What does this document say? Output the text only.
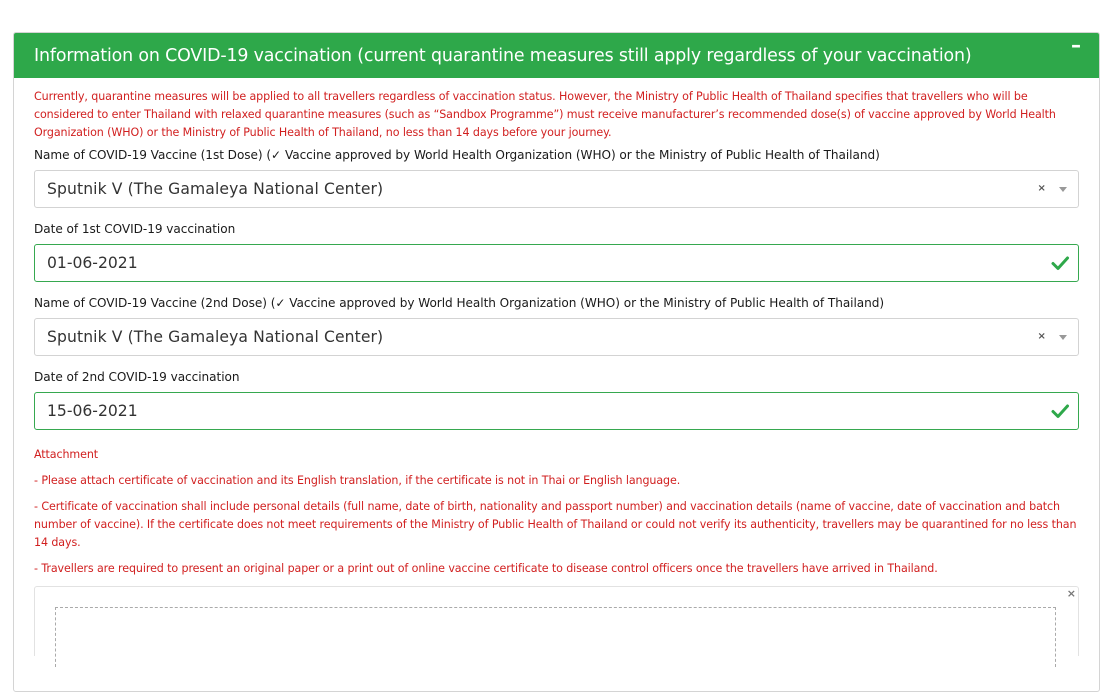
Information on COVID-19 vaccination (current quarantine measures still apply regardless of your vaccination)	–

Currently, quarantine measures will be applied to all travellers regardless of vaccination status. However, the Ministry of Public Health of Thailand specifies that travellers who will be considered to enter Thailand with relaxed quarantine measures (such as “Sandbox Programme”) must receive manufacturer’s recommended dose(s) of vaccine approved by World Health Organization (WHO) or the Ministry of Public Health of Thailand, no less than 14 days before your journey.

Name of COVID-19 Vaccine (1st Dose) (✓ Vaccine approved by World Health Organization (WHO) or the Ministry of Public Health of Thailand)
Sputnik V (The Gamaleya National Center)	×
Date of 1st COVID-19 vaccination
01-06-2021
Name of COVID-19 Vaccine (2nd Dose) (✓ Vaccine approved by World Health Organization (WHO) or the Ministry of Public Health of Thailand)
Sputnik V (The Gamaleya National Center)	×
Date of 2nd COVID-19 vaccination
15-06-2021
Attachment
- Please attach certificate of vaccination and its English translation, if the certificate is not in Thai or English language.
- Certificate of vaccination shall include personal details (full name, date of birth, nationality and passport number) and vaccination details (name of vaccine, date of vaccination and batch number of vaccine). If the certificate does not meet requirements of the Ministry of Public Health of Thailand or could not verify its authenticity, travellers may be quarantined for no less than 14 days.
- Travellers are required to present an original paper or a print out of online vaccine certificate to disease control officers once the travellers have arrived in Thailand.
×
